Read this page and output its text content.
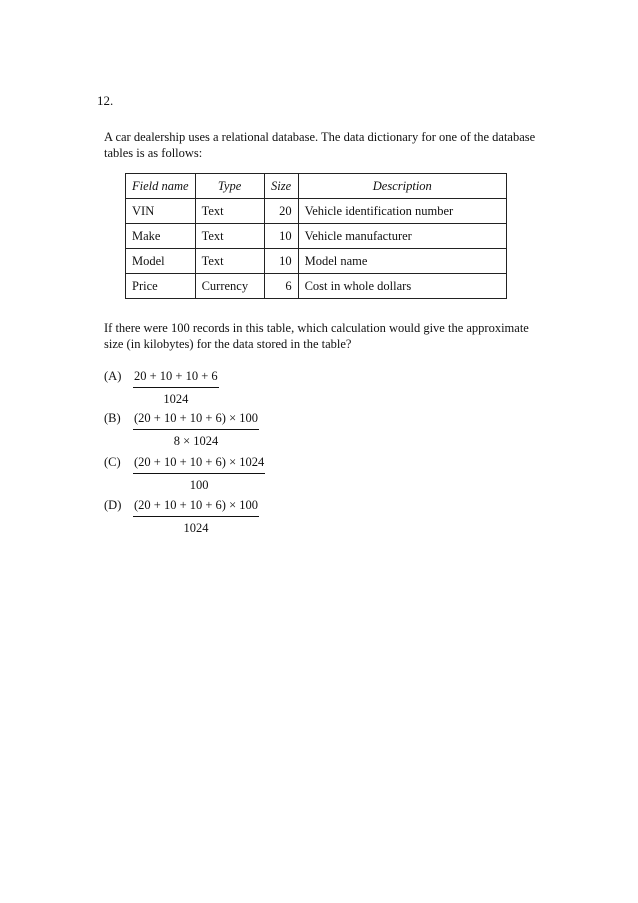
12.
A car dealership uses a relational database. The data dictionary for one of the database tables is as follows:
Field name	Type	Size	Description
VIN	Text	20	Vehicle identification number
Make	Text	10	Vehicle manufacturer
Model	Text	10	Model name
Price	Currency	6	Cost in whole dollars
If there were 100 records in this table, which calculation would give the approximate size (in kilobytes) for the data stored in the table?
$(A) \frac{20 + 10 + 10 + 6}{1024}$
$(B) \frac{(20 + 10 + 10 + 6) \times 100}{8 \times 1024}$
$(C) \frac{(20 + 10 + 10 + 6) \times 1024}{100}$
$(D) \frac{(20 + 10 + 10 + 6) \times 100}{1024}$
